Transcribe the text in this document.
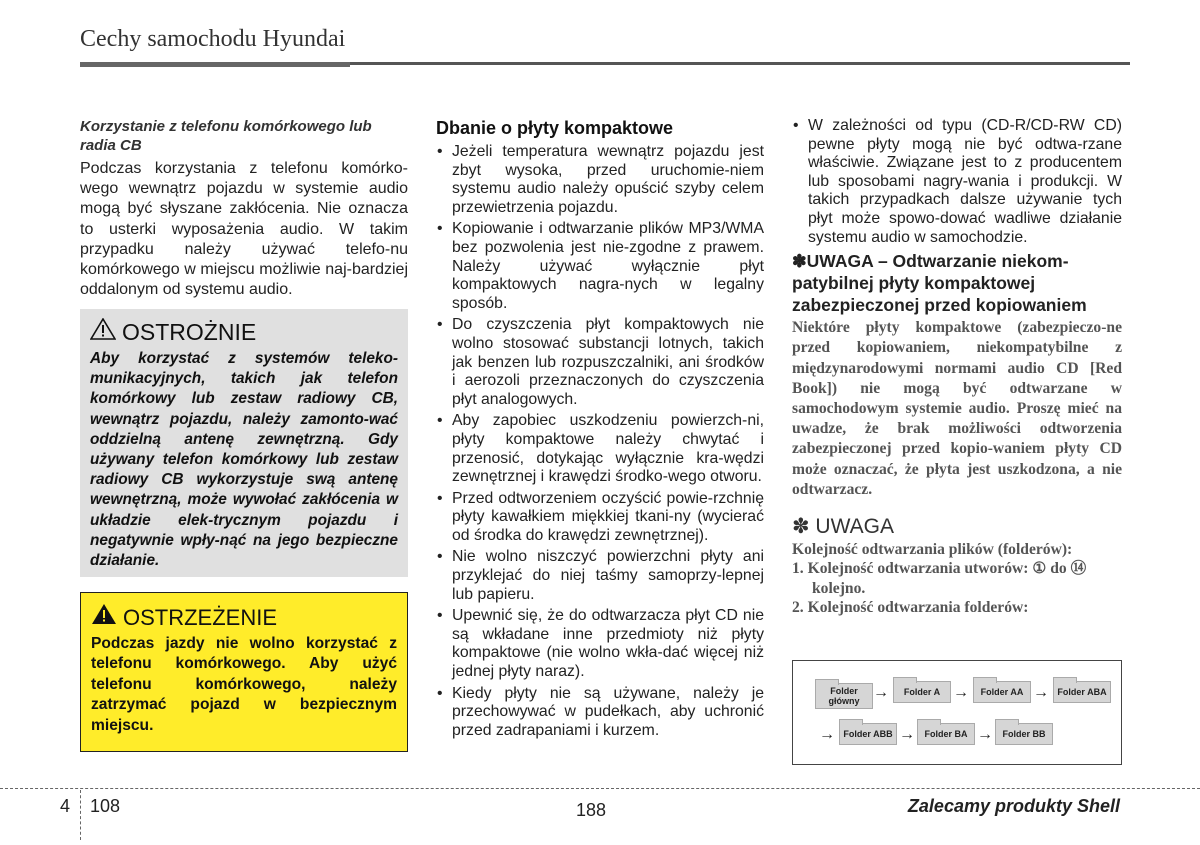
Cechy samochodu Hyundai
Korzystanie z telefonu komórkowego lub radia CB
Podczas korzystania z telefonu komórko-wego wewnątrz pojazdu w systemie audio mogą być słyszane zakłócenia. Nie oznacza to usterki wyposażenia audio. W takim przypadku należy używać telefo-nu komórkowego w miejscu możliwie naj-bardziej oddalonym od systemu audio.
OSTROŻNIE
Aby korzystać z systemów teleko-munikacyjnych, takich jak telefon komórkowy lub zestaw radiowy CB, wewnątrz pojazdu, należy zamonto-wać oddzielną antenę zewnętrzną. Gdy używany telefon komórkowy lub zestaw radiowy CB wykorzystuje swą antenę wewnętrzną, może wywołać zakłócenia w układzie elek-trycznym pojazdu i negatywnie wpły-nąć na jego bezpieczne działanie.
OSTRZEŻENIE
Podczas jazdy nie wolno korzystać z telefonu komórkowego. Aby użyć telefonu komórkowego, należy zatrzymać pojazd w bezpiecznym miejscu.
Dbanie o płyty kompaktowe
• Jeżeli temperatura wewnątrz pojazdu jest zbyt wysoka, przed uruchomie-niem systemu audio należy opuścić szyby celem przewietrzenia pojazdu.
• Kopiowanie i odtwarzanie plików MP3/WMA bez pozwolenia jest nie-zgodne z prawem. Należy używać wyłącznie płyt kompaktowych nagra-nych w legalny sposób.
• Do czyszczenia płyt kompaktowych nie wolno stosować substancji lotnych, takich jak benzen lub rozpuszczalniki, ani środków i aerozoli przeznaczonych do czyszczenia płyt analogowych.
• Aby zapobiec uszkodzeniu powierzch-ni, płyty kompaktowe należy chwytać i przenosić, dotykając wyłącznie kra-wędzi zewnętrznej i krawędzi środko-wego otworu.
• Przed odtworzeniem oczyścić powie-rzchnię płyty kawałkiem miękkiej tkani-ny (wycierać od środka do krawędzi zewnętrznej).
• Nie wolno niszczyć powierzchni płyty ani przyklejać do niej taśmy samoprzy-lepnej lub papieru.
• Upewnić się, że do odtwarzacza płyt CD nie są wkładane inne przedmioty niż płyty kompaktowe (nie wolno wkła-dać więcej niż jednej płyty naraz).
• Kiedy płyty nie są używane, należy je przechowywać w pudełkach, aby uchronić przed zadrapaniami i kurzem.
• W zależności od typu (CD-R/CD-RW CD) pewne płyty mogą nie być odtwa-rzane właściwie. Związane jest to z producentem lub sposobami nagry-wania i produkcji. W takich przypadkach dalsze używanie tych płyt może spowo-dować wadliwe działanie systemu audio w samochodzie.
✽UWAGA – Odtwarzanie niekom-patybilnej płyty kompaktowej zabezpieczonej przed kopiowaniem
Niektóre płyty kompaktowe (zabezpieczo-ne przed kopiowaniem, niekompatybilne z międzynarodowymi normami audio CD [Red Book]) nie mogą być odtwarzane w samochodowym systemie audio. Proszę mieć na uwadze, że brak możliwości odtworzenia zabezpieczonej przed kopio-waniem płyty CD może oznaczać, że płyta jest uszkodzona, a nie odtwarzacz.
✽ UWAGA
Kolejność odtwarzania plików (folderów):
1. Kolejność odtwarzania utworów: ① do ⑭ kolejno.
2. Kolejność odtwarzania folderów:
Folder główny →	Folder A →	Folder AA → Folder ABA
→ Folder ABB →	Folder BA →	Folder BB
4 108	188	Zalecamy produkty Shell
